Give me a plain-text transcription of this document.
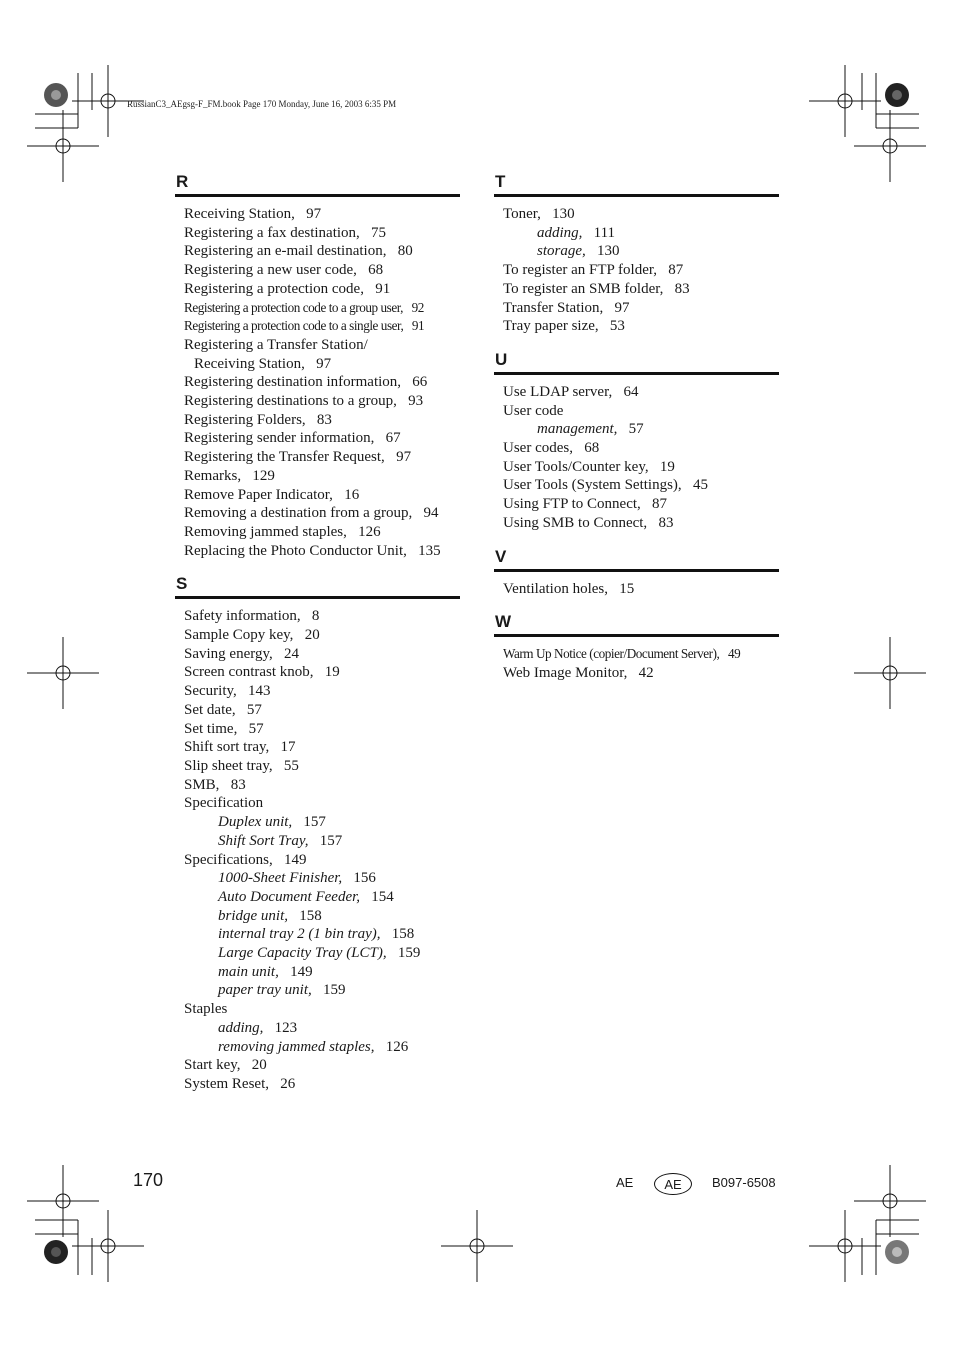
RussianC3_AEgsg-F_FM.book Page 170 Monday, June 16, 2003 6:35 PM
R
Receiving Station, 97
Registering a fax destination, 75
Registering an e-mail destination, 80
Registering a new user code, 68
Registering a protection code, 91
Registering a protection code to a group user, 92
Registering a protection code to a single user, 91
Registering a Transfer Station/
Receiving Station, 97
Registering destination information, 66
Registering destinations to a group, 93
Registering Folders, 83
Registering sender information, 67
Registering the Transfer Request, 97
Remarks, 129
Remove Paper Indicator, 16
Removing a destination from a group, 94
Removing jammed staples, 126
Replacing the Photo Conductor Unit, 135
S
Safety information, 8
Sample Copy key, 20
Saving energy, 24
Screen contrast knob, 19
Security, 143
Set date, 57
Set time, 57
Shift sort tray, 17
Slip sheet tray, 55
SMB, 83
Specification
Duplex unit, 157
Shift Sort Tray, 157
Specifications, 149
1000-Sheet Finisher, 156
Auto Document Feeder, 154
bridge unit, 158
internal tray 2 (1 bin tray), 158
Large Capacity Tray (LCT), 159
main unit, 149
paper tray unit, 159
Staples
adding, 123
removing jammed staples, 126
Start key, 20
System Reset, 26
T
Toner, 130
adding, 111
storage, 130
To register an FTP folder, 87
To register an SMB folder, 83
Transfer Station, 97
Tray paper size, 53
U
Use LDAP server, 64
User code
management, 57
User codes, 68
User Tools/Counter key, 19
User Tools (System Settings), 45
Using FTP to Connect, 87
Using SMB to Connect, 83
V
Ventilation holes, 15
W
Warm Up Notice (copier/Document Server), 49
Web Image Monitor, 42
170	AE AE B097-6508
